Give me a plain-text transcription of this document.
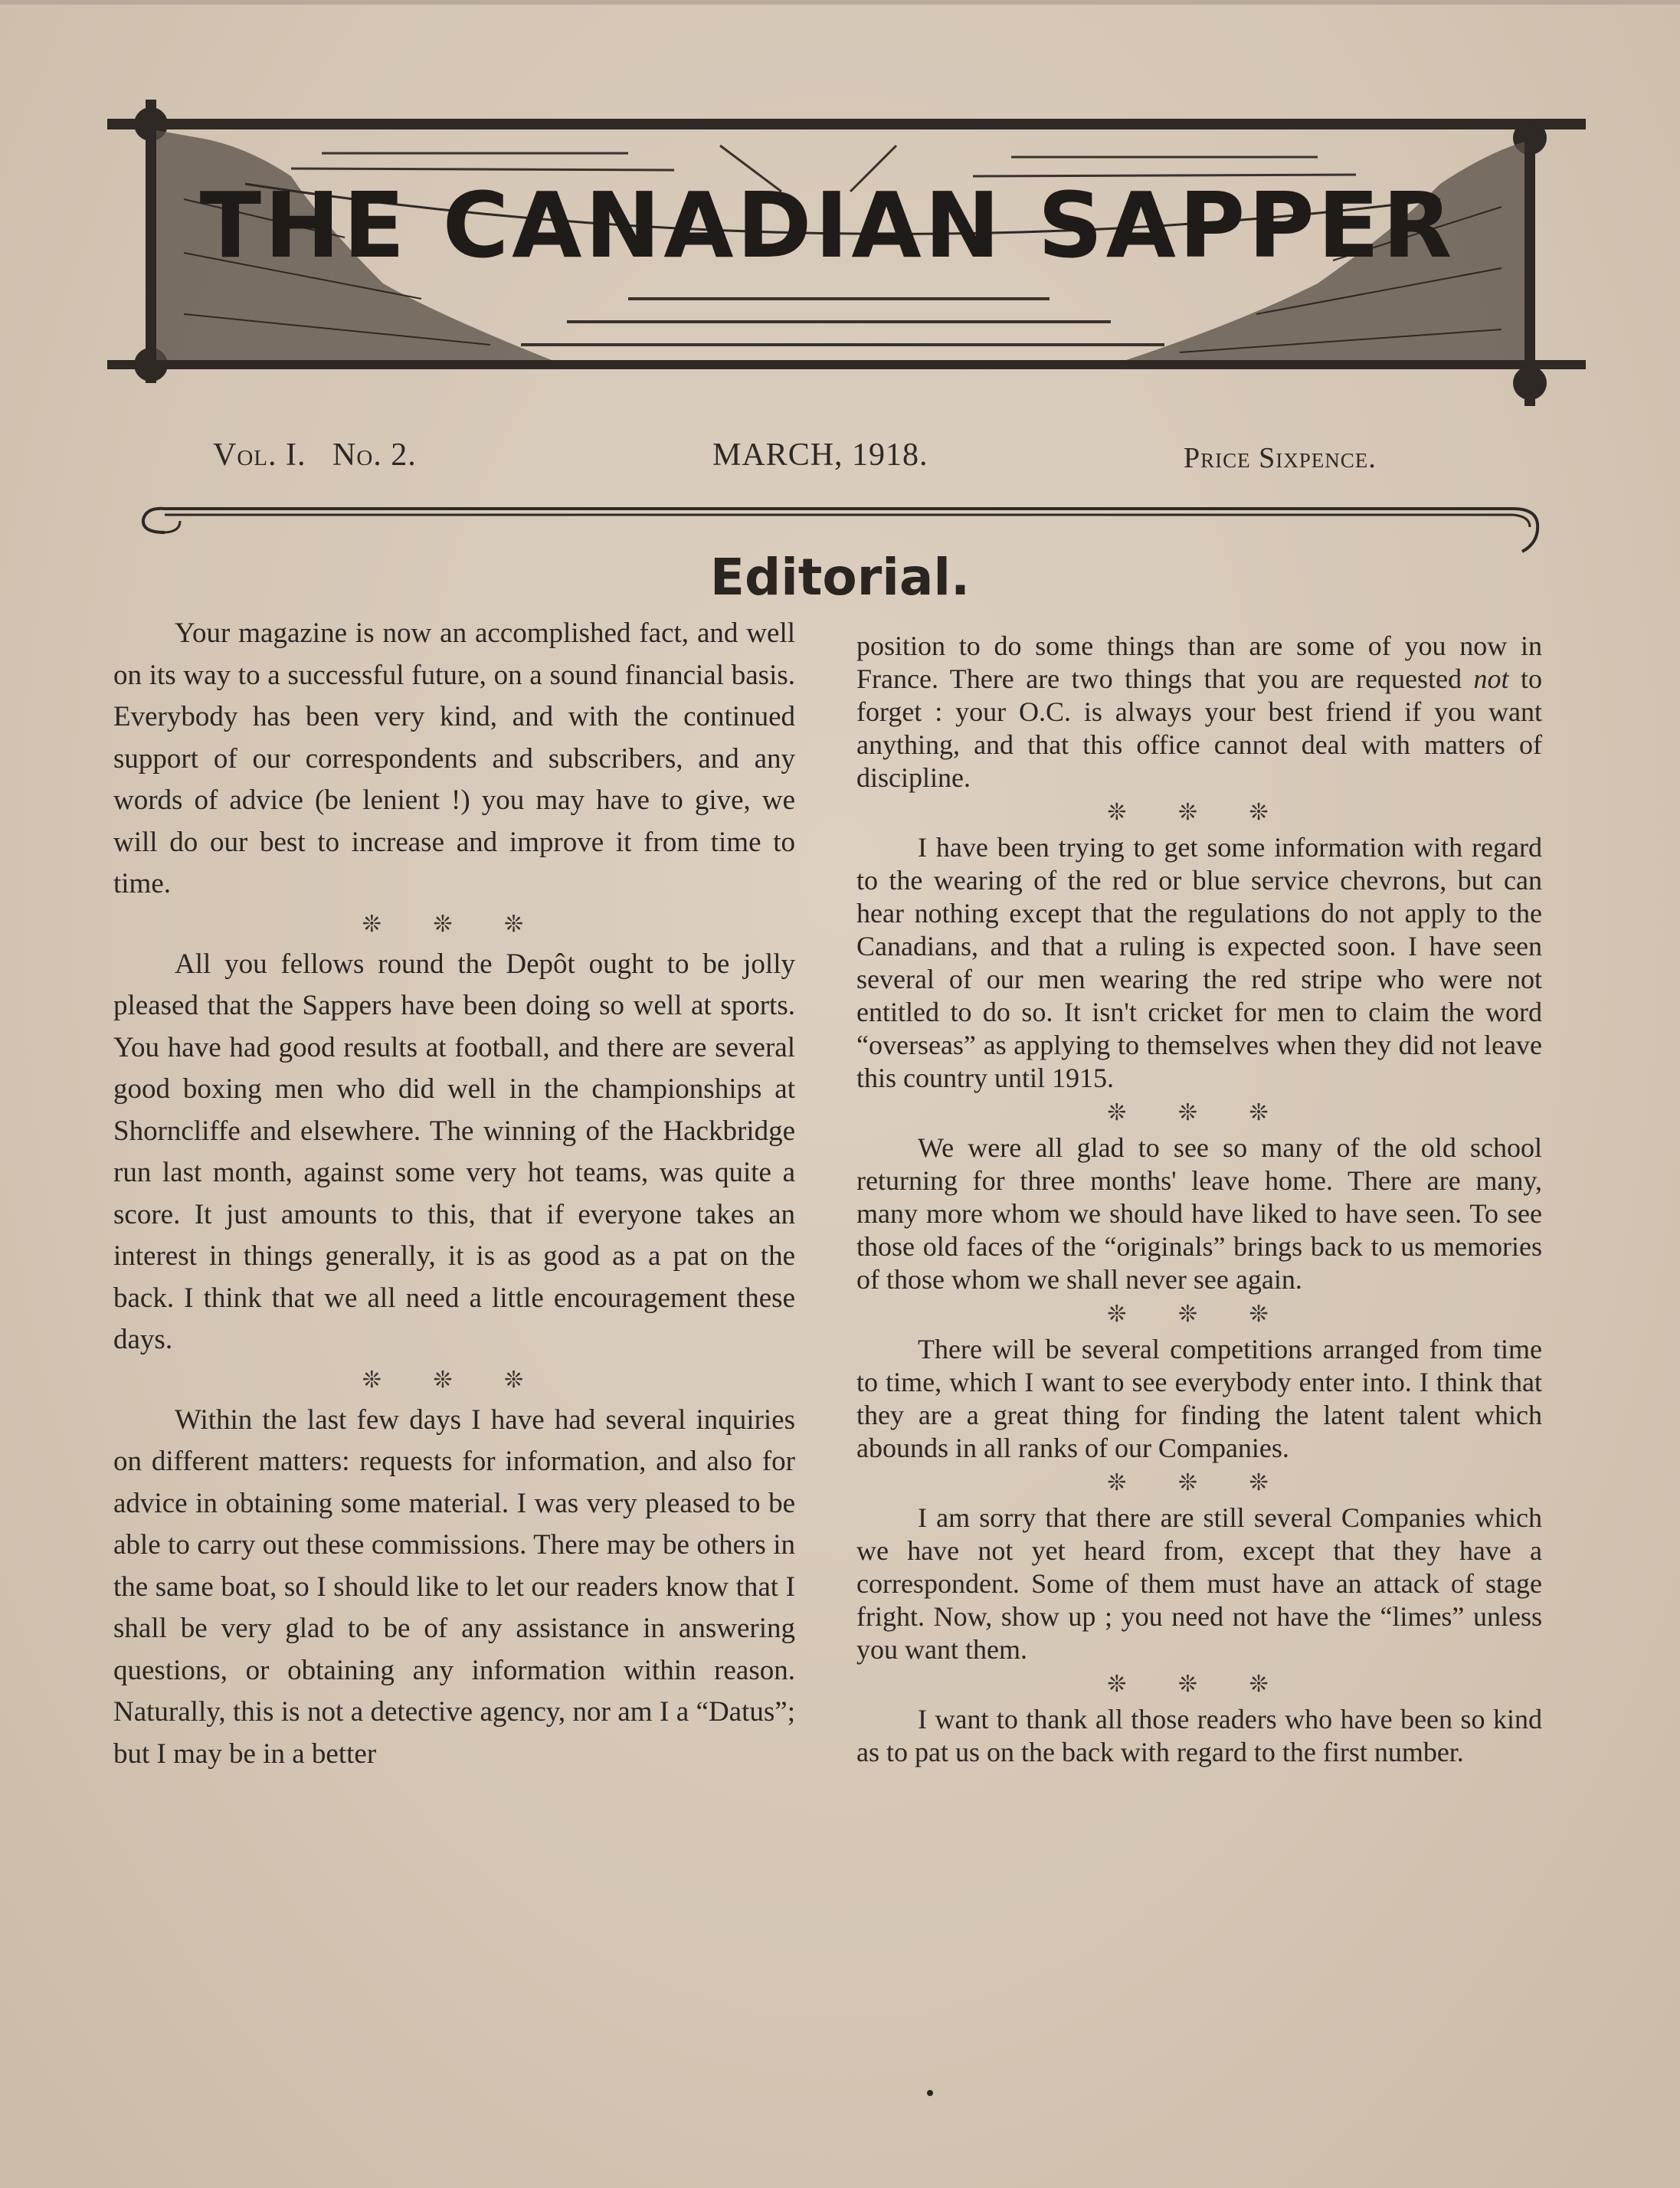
THE CANADIAN SAPPER
Vol. I. No. 2.	MARCH, 1918.	Price Sixpence.
Editorial.

Your magazine is now an accomplished fact, and well on its way to a successful future, on a sound financial basis. Everybody has been very kind, and with the continued support of our correspondents and subscribers, and any words of advice (be lenient !) you may have to give, we will do our best to increase and improve it from time to time.

❊ ❊ ❊

All you fellows round the Depôt ought to be jolly pleased that the Sappers have been doing so well at sports. You have had good results at football, and there are several good boxing men who did well in the championships at Shorncliffe and elsewhere. The winning of the Hackbridge run last month, against some very hot teams, was quite a score. It just amounts to this, that if everyone takes an interest in things generally, it is as good as a pat on the back. I think that we all need a little encouragement these days.

❊ ❊ ❊

Within the last few days I have had several inquiries on different matters: requests for information, and also for advice in obtaining some material. I was very pleased to be able to carry out these commissions. There may be others in the same boat, so I should like to let our readers know that I shall be very glad to be of any assistance in answering questions, or obtaining any information within reason. Naturally, this is not a detective agency, nor am I a “Datus”; but I may be in a better

position to do some things than are some of you now in France. There are two things that you are requested not to forget : your O.C. is always your best friend if you want anything, and that this office cannot deal with matters of discipline.

❊ ❊ ❊

I have been trying to get some information with regard to the wearing of the red or blue service chevrons, but can hear nothing except that the regulations do not apply to the Canadians, and that a ruling is expected soon. I have seen several of our men wearing the red stripe who were not entitled to do so. It isn't cricket for men to claim the word “overseas” as applying to themselves when they did not leave this country until 1915.

❊ ❊ ❊

We were all glad to see so many of the old school returning for three months' leave home. There are many, many more whom we should have liked to have seen. To see those old faces of the “originals” brings back to us memories of those whom we shall never see again.

❊ ❊ ❊

There will be several competitions arranged from time to time, which I want to see everybody enter into. I think that they are a great thing for finding the latent talent which abounds in all ranks of our Companies.

❊ ❊ ❊

I am sorry that there are still several Companies which we have not yet heard from, except that they have a correspondent. Some of them must have an attack of stage fright. Now, show up ; you need not have the “limes” unless you want them.

❊ ❊ ❊

I want to thank all those readers who have been so kind as to pat us on the back with regard to the first number.
